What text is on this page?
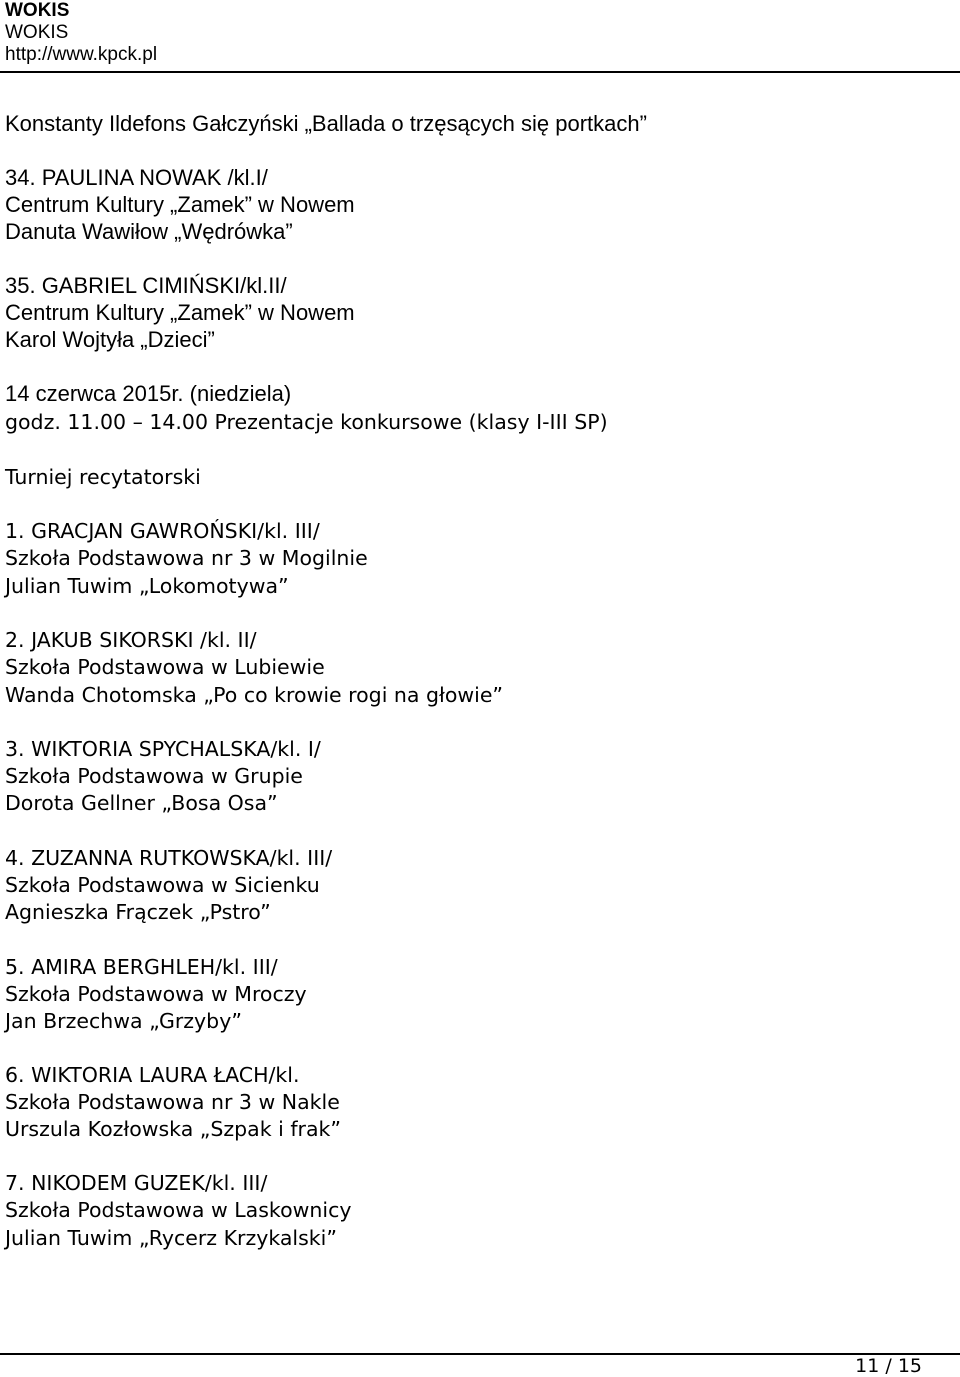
WOKIS
WOKIS
http://www.kpck.pl
Konstanty Ildefons Gałczyński „Ballada o trzęsących się portkach”
34. PAULINA NOWAK /kl.I/
Centrum Kultury „Zamek” w Nowem
Danuta Wawiłow „Wędrówka”
35. GABRIEL CIMIŃSKI/kl.II/
Centrum Kultury „Zamek” w Nowem
Karol Wojtyła „Dzieci”
14 czerwca 2015r. (niedziela)
godz. 11.00 – 14.00 Prezentacje konkursowe (klasy I-III SP)
Turniej recytatorski
1. GRACJAN GAWROŃSKI/kl. III/
Szkoła Podstawowa nr 3 w Mogilnie
Julian Tuwim „Lokomotywa”
2. JAKUB SIKORSKI /kl. II/
Szkoła Podstawowa w Lubiewie
Wanda Chotomska „Po co krowie rogi na głowie”
3. WIKTORIA SPYCHALSKA/kl. I/
Szkoła Podstawowa w Grupie
Dorota Gellner „Bosa Osa”
4. ZUZANNA RUTKOWSKA/kl. III/
Szkoła Podstawowa w Sicienku
Agnieszka Frączek „Pstro”
5. AMIRA BERGHLEH/kl. III/
Szkoła Podstawowa w Mroczy
Jan Brzechwa „Grzyby”
6. WIKTORIA LAURA ŁACH/kl.
Szkoła Podstawowa nr 3 w Nakle
Urszula Kozłowska „Szpak i frak”
7. NIKODEM GUZEK/kl. III/
Szkoła Podstawowa w Laskownicy
Julian Tuwim „Rycerz Krzykalski”
11 / 15
